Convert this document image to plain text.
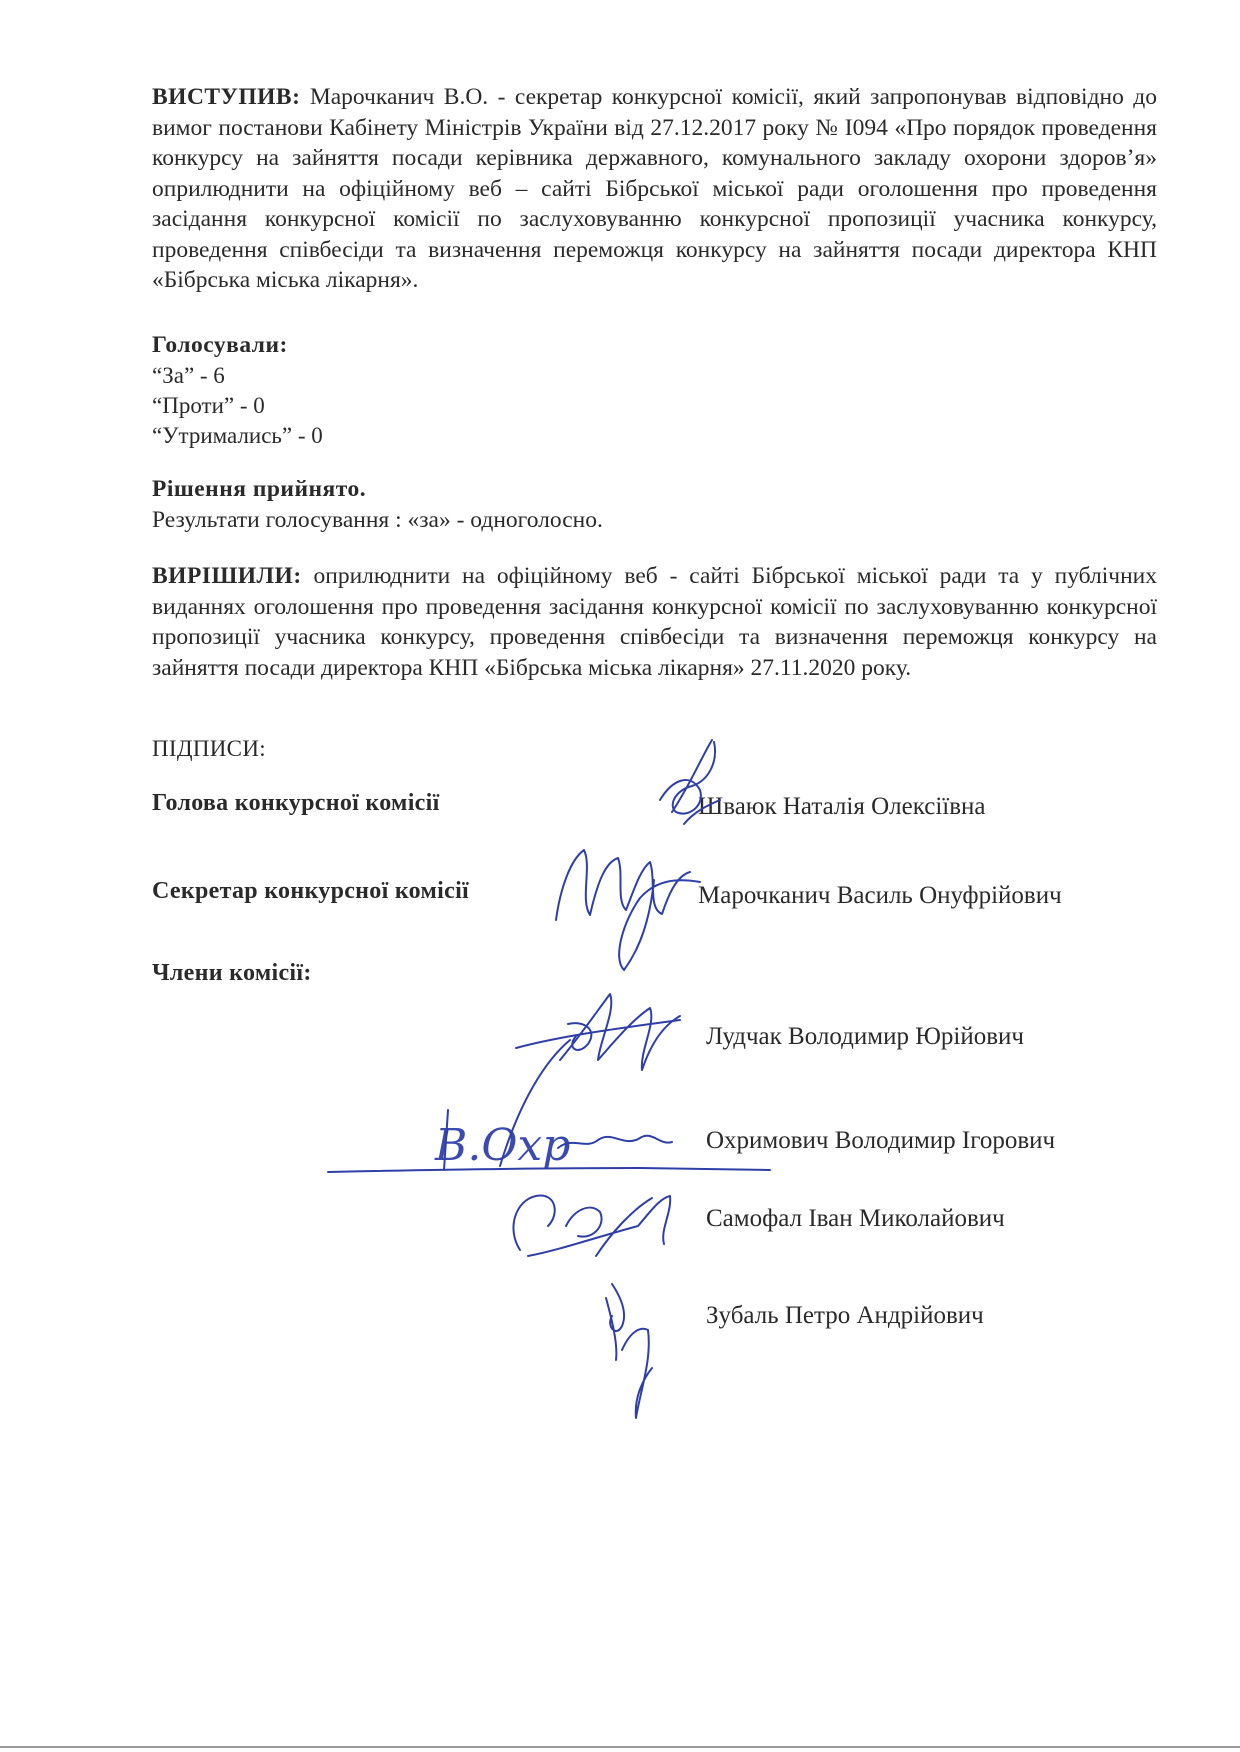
ВИСТУПИВ: Марочканич В.О. - секретар конкурсної комісії, який запропонував відповідно до вимог постанови Кабінету Міністрів України від 27.12.2017 року № І094 «Про порядок проведення конкурсу на зайняття посади керівника державного, комунального закладу охорони здоров’я» оприлюднити на офіційному веб – сайті Бібрської міської ради оголошення про проведення засідання конкурсної комісії по заслуховуванню конкурсної пропозиції учасника конкурсу, проведення співбесіди та визначення переможця конкурсу на зайняття посади директора КНП «Бібрська міська лікарня».

Голосували:

“За” - 6

“Проти” - 0

“Утримались” - 0

Рішення прийнято.

Результати голосування : «за» - одноголосно.

ВИРІШИЛИ: оприлюднити на офіційному веб - сайті Бібрської міської ради та у публічних виданнях оголошення про проведення засідання конкурсної комісії по заслуховуванню конкурсної пропозиції учасника конкурсу, проведення співбесіди та визначення переможця конкурсу на зайняття посади директора КНП «Бібрська міська лікарня» 27.11.2020 року.

ПІДПИСИ:
Голова конкурсної комісії	Шваюк Наталія Олексіївна
Секретар конкурсної комісії	Марочканич Василь Онуфрійович
Члени комісії:
Лудчак Володимир Юрійович
Охримович Володимир Ігорович
Самофал Іван Миколайович
Зубаль Петро Андрійович
В.Охр
